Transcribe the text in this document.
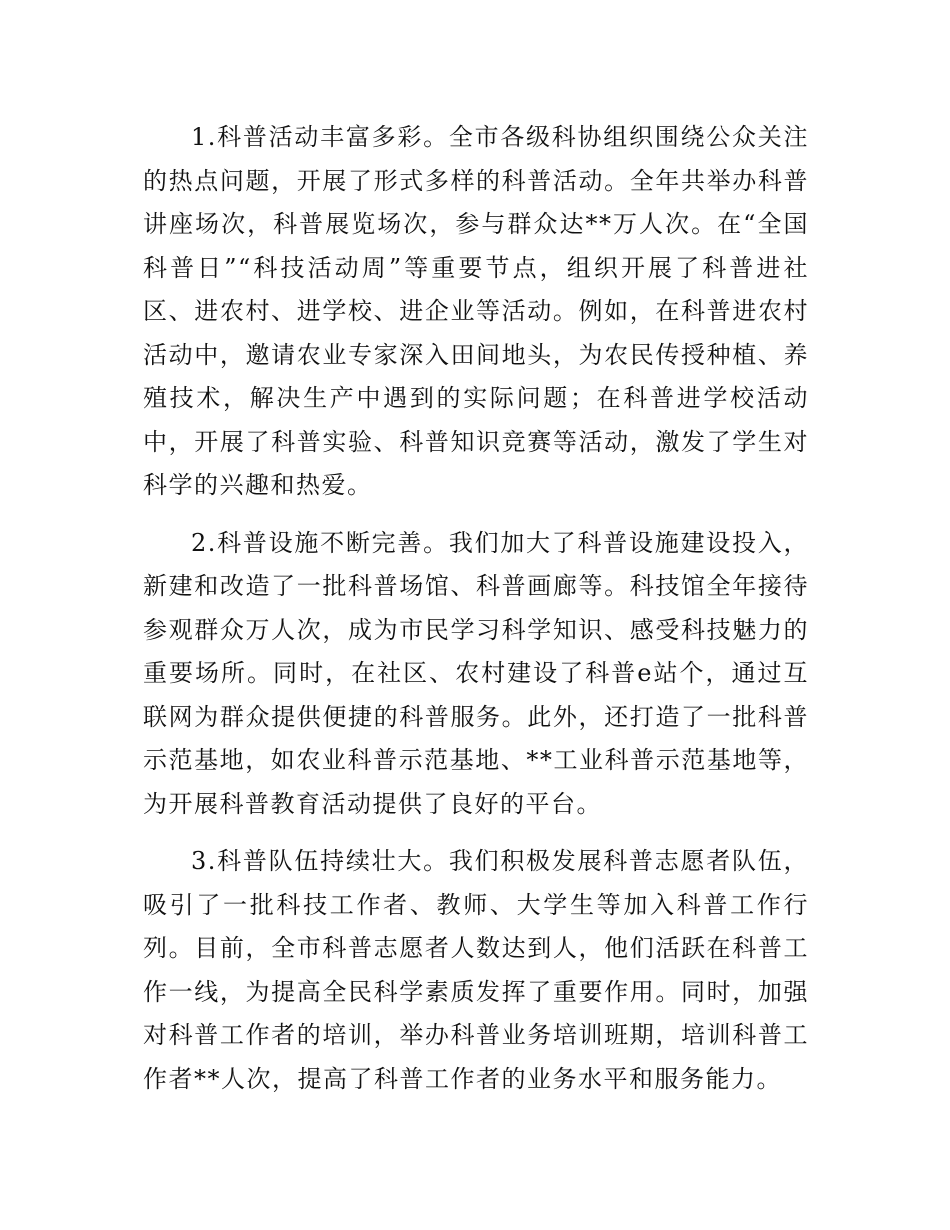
1.科普活动丰富多彩。全市各级科协组织围绕公众关注的热点问题，开展了形式多样的科普活动。全年共举办科普讲座场次，科普展览场次，参与群众达**万人次。在“全国科普日”“科技活动周”等重要节点，组织开展了科普进社区、进农村、进学校、进企业等活动。例如，在科普进农村活动中，邀请农业专家深入田间地头，为农民传授种植、养殖技术，解决生产中遇到的实际问题；在科普进学校活动中，开展了科普实验、科普知识竞赛等活动，激发了学生对科学的兴趣和热爱。

2.科普设施不断完善。我们加大了科普设施建设投入，新建和改造了一批科普场馆、科普画廊等。科技馆全年接待参观群众万人次，成为市民学习科学知识、感受科技魅力的重要场所。同时，在社区、农村建设了科普e站个，通过互联网为群众提供便捷的科普服务。此外，还打造了一批科普示范基地，如农业科普示范基地、**工业科普示范基地等，为开展科普教育活动提供了良好的平台。

3.科普队伍持续壮大。我们积极发展科普志愿者队伍，吸引了一批科技工作者、教师、大学生等加入科普工作行列。目前，全市科普志愿者人数达到人，他们活跃在科普工作一线，为提高全民科学素质发挥了重要作用。同时，加强对科普工作者的培训，举办科普业务培训班期，培训科普工作者**人次，提高了科普工作者的业务水平和服务能力。
